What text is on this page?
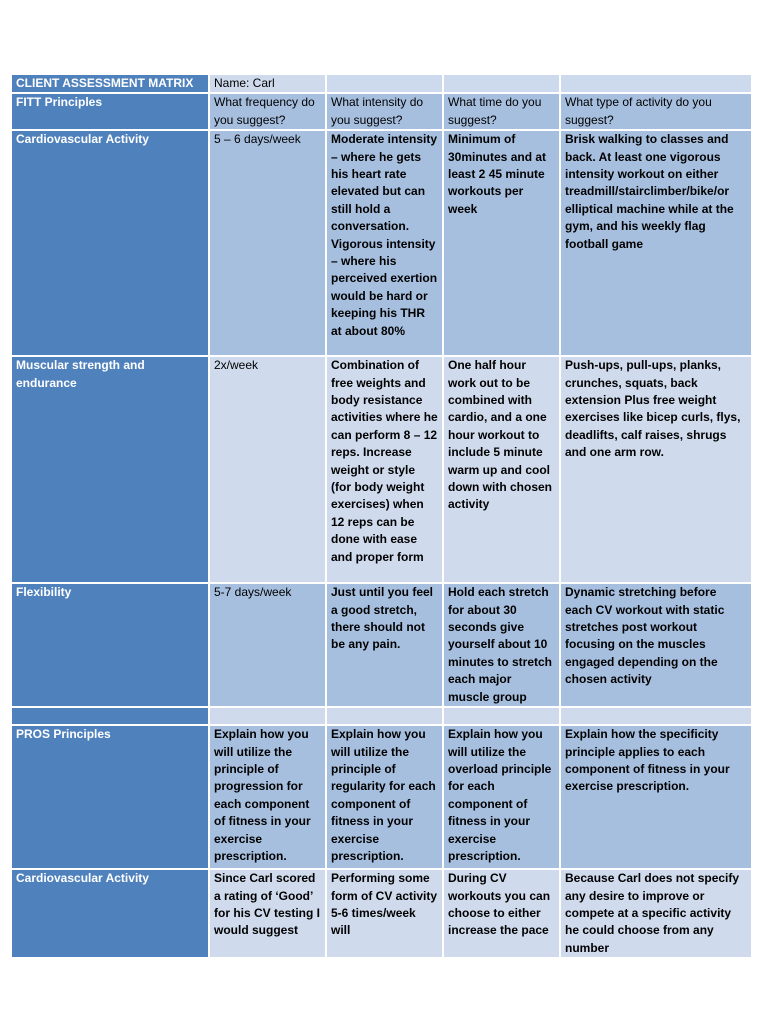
CLIENT ASSESSMENT MATRIX	Name: Carl			
FITT Principles	What frequency do you suggest?	What intensity do you suggest?	What time do you suggest?	What type of activity do you suggest?
Cardiovascular Activity	5 – 6 days/week	Moderate intensity – where he gets his heart rate elevated but can still hold a conversation. Vigorous intensity – where his perceived exertion would be hard or keeping his THR at about 80%	Minimum of 30minutes and at least 2 45 minute workouts per week	Brisk walking to classes and back. At least one vigorous intensity workout on either treadmill/stairclimber/bike/or elliptical machine while at the gym, and his weekly flag football game
Muscular strength and endurance	2x/week	Combination of free weights and body resistance activities where he can perform 8 – 12 reps. Increase weight or style (for body weight exercises) when 12 reps can be done with ease and proper form	One half hour work out to be combined with cardio, and a one hour workout to include 5 minute warm up and cool down with chosen activity	Push-ups, pull-ups, planks, crunches, squats, back extension Plus free weight exercises like bicep curls, flys, deadlifts, calf raises, shrugs and one arm row.
Flexibility	5-7 days/week	Just until you feel a good stretch, there should not be any pain.	Hold each stretch for about 30 seconds give yourself about 10 minutes to stretch each major muscle group	Dynamic stretching before each CV workout with static stretches post workout focusing on the muscles engaged depending on the chosen activity

PROS Principles	Explain how you will utilize the principle of progression for each component of fitness in your exercise prescription.	Explain how you will utilize the principle of regularity for each component of fitness in your exercise prescription.	Explain how you will utilize the overload principle for each component of fitness in your exercise prescription.	Explain how the specificity principle applies to each component of fitness in your exercise prescription.
Cardiovascular Activity	Since Carl scored a rating of ‘Good’ for his CV testing I would suggest	Performing some form of CV activity 5-6 times/week will	During CV workouts you can choose to either increase the pace	Because Carl does not specify any desire to improve or compete at a specific activity he could choose from any number
